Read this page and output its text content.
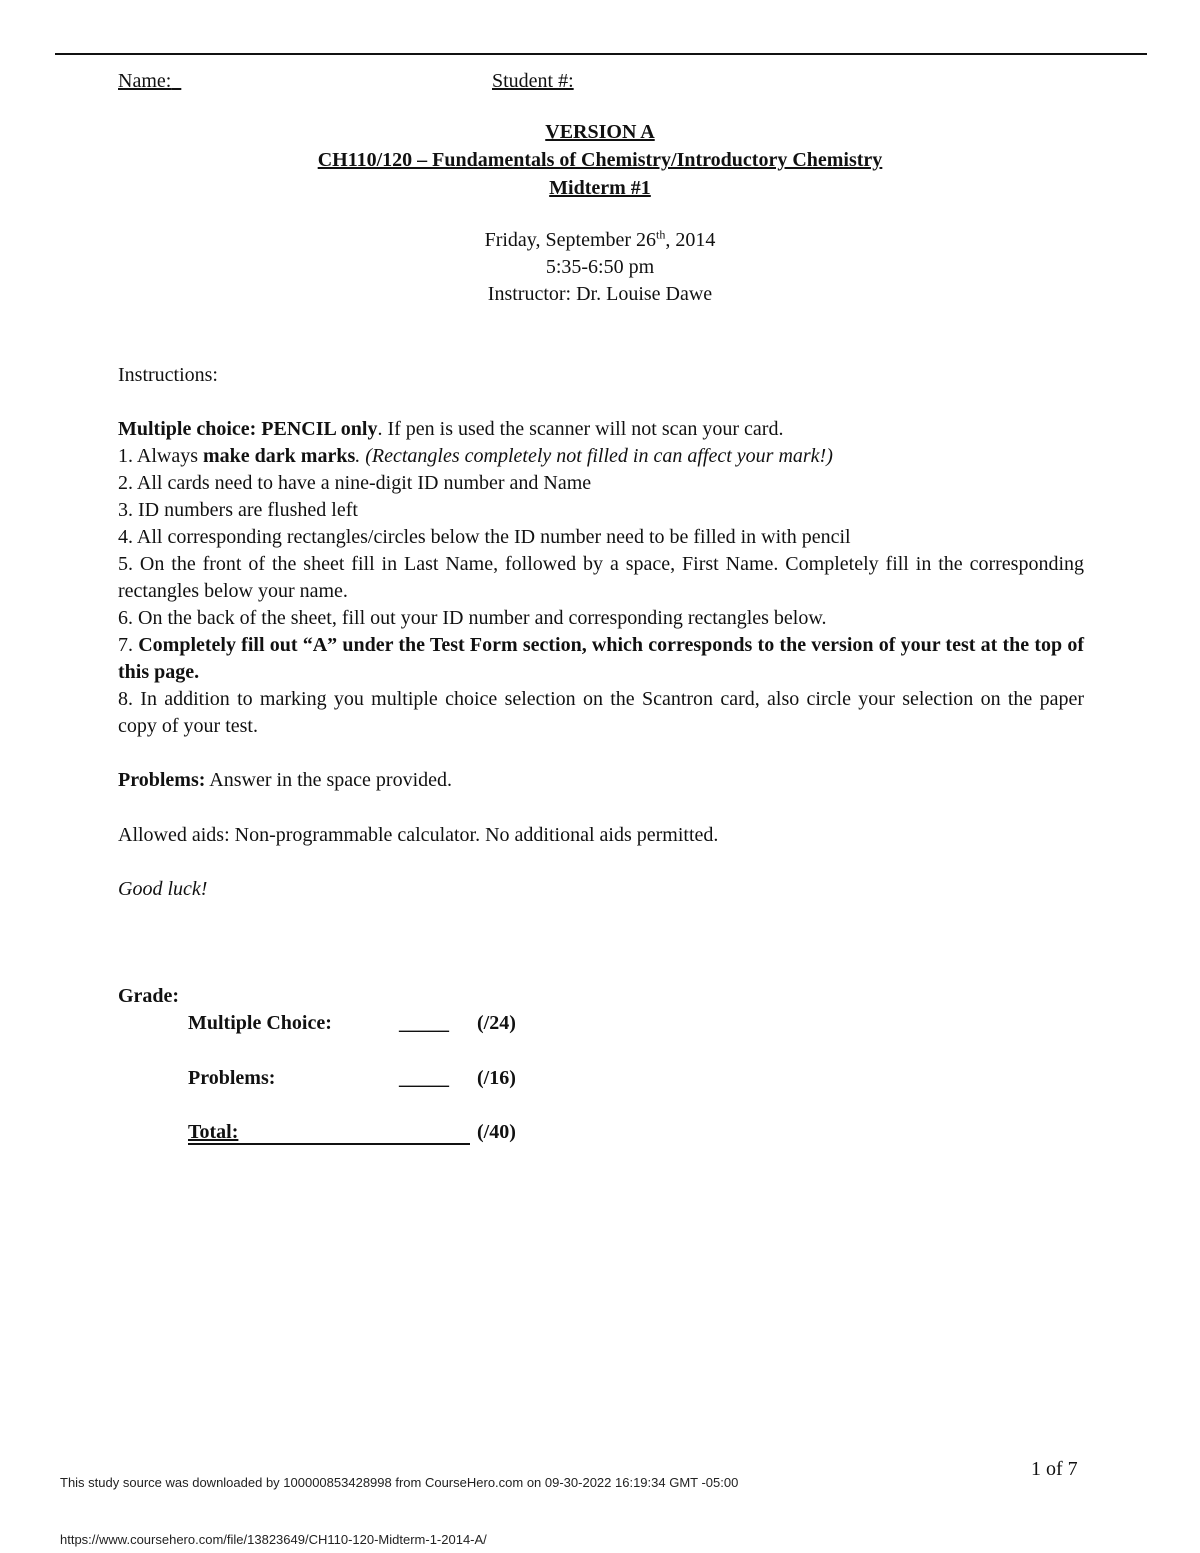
Name:	Student #:
VERSION A
CH110/120 – Fundamentals of Chemistry/Introductory Chemistry
Midterm #1
Friday, September 26th, 2014
5:35-6:50 pm
Instructor: Dr. Louise Dawe
Instructions:
Multiple choice: PENCIL only. If pen is used the scanner will not scan your card.
1. Always make dark marks. (Rectangles completely not filled in can affect your mark!)
2. All cards need to have a nine-digit ID number and Name
3. ID numbers are flushed left
4. All corresponding rectangles/circles below the ID number need to be filled in with pencil
5. On the front of the sheet fill in Last Name, followed by a space, First Name. Completely fill in the corresponding rectangles below your name.
6. On the back of the sheet, fill out your ID number and corresponding rectangles below.
7. Completely fill out “A” under the Test Form section, which corresponds to the version of your test at the top of this page.
8. In addition to marking you multiple choice selection on the Scantron card, also circle your selection on the paper copy of your test.
Problems: Answer in the space provided.
Allowed aids: Non-programmable calculator. No additional aids permitted.
Good luck!
Grade:
Multiple Choice:	_____ (/24)
Problems:	_____ (/16)
Total:	(/40)
1 of 7
This study source was downloaded by 100000853428998 from CourseHero.com on 09-30-2022 16:19:34 GMT -05:00
https://www.coursehero.com/file/13823649/CH110-120-Midterm-1-2014-A/
